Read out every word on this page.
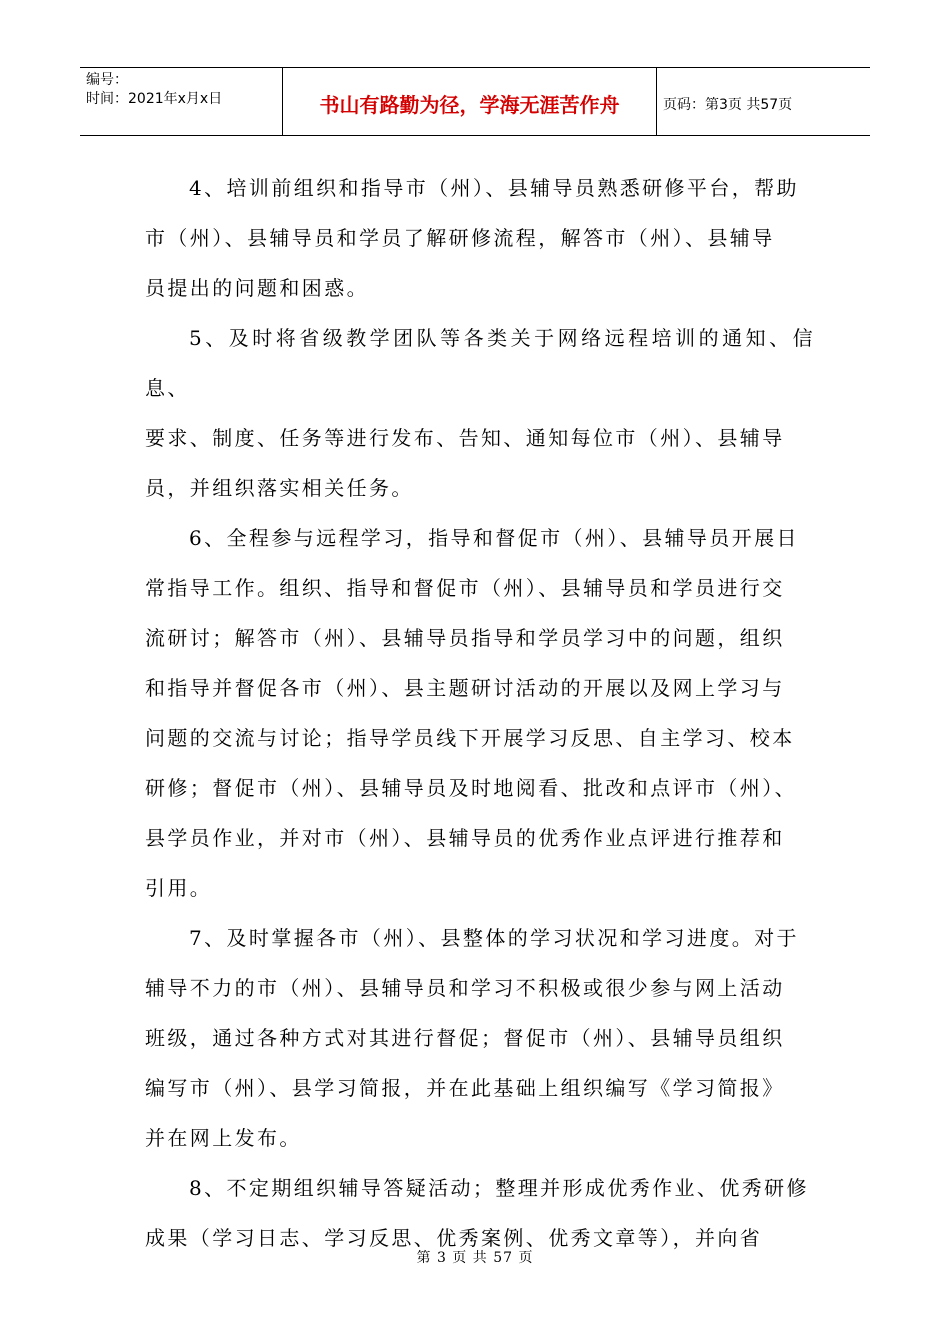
编号：
时间：2021年x月x日	书山有路勤为径，学海无涯苦作舟	页码：第3页 共57页

4、培训前组织和指导市（州）、县辅导员熟悉研修平台，帮助
市（州）、县辅导员和学员了解研修流程，解答市（州）、县辅导
员提出的问题和困惑。

5、及时将省级教学团队等各类关于网络远程培训的通知、信息、
要求、制度、任务等进行发布、告知、通知每位市（州）、县辅导
员，并组织落实相关任务。

6、全程参与远程学习，指导和督促市（州）、县辅导员开展日
常指导工作。组织、指导和督促市（州）、县辅导员和学员进行交
流研讨；解答市（州）、县辅导员指导和学员学习中的问题，组织
和指导并督促各市（州）、县主题研讨活动的开展以及网上学习与
问题的交流与讨论；指导学员线下开展学习反思、自主学习、校本
研修；督促市（州）、县辅导员及时地阅看、批改和点评市（州）、
县学员作业，并对市（州）、县辅导员的优秀作业点评进行推荐和
引用。

7、及时掌握各市（州）、县整体的学习状况和学习进度。对于
辅导不力的市（州）、县辅导员和学习不积极或很少参与网上活动
班级，通过各种方式对其进行督促；督促市（州）、县辅导员组织
编写市（州）、县学习简报，并在此基础上组织编写《学习简报》
并在网上发布。

8、不定期组织辅导答疑活动；整理并形成优秀作业、优秀研修
成果（学习日志、学习反思、优秀案例、优秀文章等），并向省

第 3 页 共 57 页
